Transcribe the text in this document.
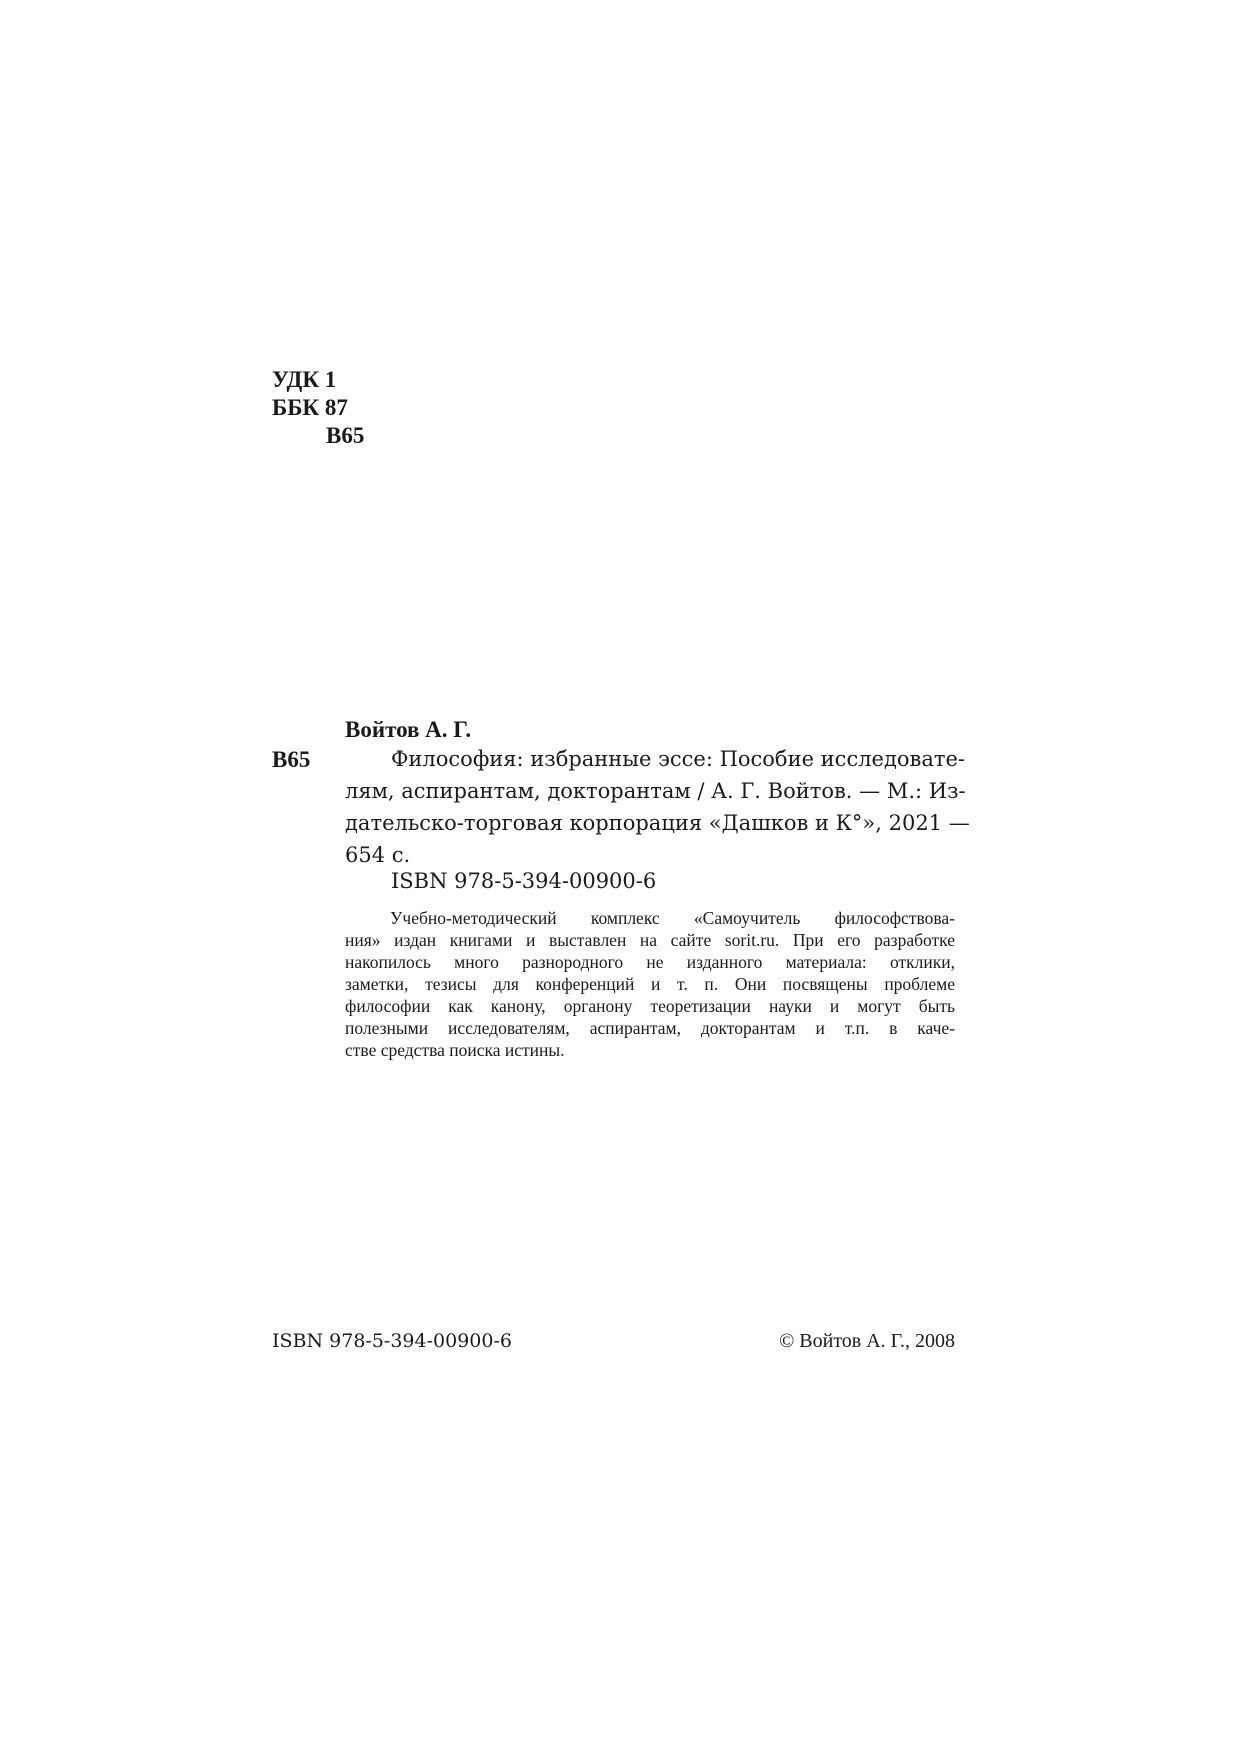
УДК 1
ББК 87
В65
Войтов А. Г.
В65	Философия: избранные эссе: Пособие исследовате-
лям, аспирантам, докторантам / А. Г. Войтов. — М.: Из-
дательско-торговая корпорация «Дашков и К°», 2021 —
654 с.
ISBN 978-5-394-00900-6
Учебно-методический комплекс «Самоучитель философствова-
ния» издан книгами и выставлен на сайте sorit.ru. При его разработке
накопилось много разнородного не изданного материала: отклики,
заметки, тезисы для конференций и т. п. Они посвящены проблеме
философии как канону, органону теоретизации науки и могут быть
полезными исследователям, аспирантам, докторантам и т.п. в каче-
стве средства поиска истины.
ISBN 978-5-394-00900-6	© Войтов А. Г., 2008
